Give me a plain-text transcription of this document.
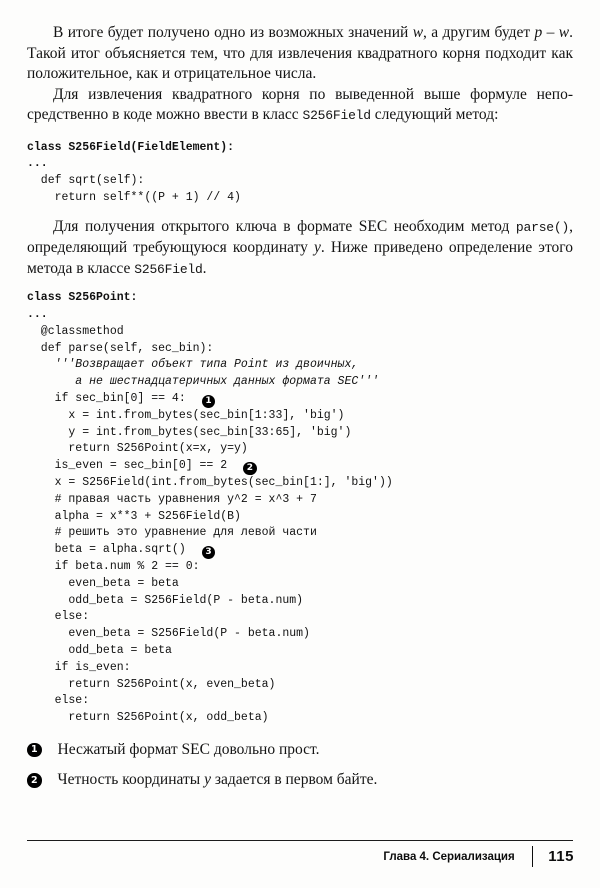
В итоге будет получено одно из возможных значений w, а другим будет p – w. Такой итог объясняется тем, что для извлечения квадратного корня подходит как положительное, как и отрицательное числа.

Для извлечения квадратного корня по выведенной выше формуле непосредственно в коде можно ввести в класс S256Field следующий метод:

class S256Field(FieldElement):
...
def sqrt(self):
return self**((P + 1) // 4)

Для получения открытого ключа в формате SEC необходим метод parse(), определяющий требующуюся координату y. Ниже приведено определение этого метода в классе S256Field.

class S256Point:
...
@classmethod
def parse(self, sec_bin):
'''Возвращает объект типа Point из двоичных,
а не шестнадцатеричных данных формата SEC'''
if sec_bin[0] == 4: 1
x = int.from_bytes(sec_bin[1:33], 'big')
y = int.from_bytes(sec_bin[33:65], 'big')
return S256Point(x=x, y=y)
is_even = sec_bin[0] == 2 2
x = S256Field(int.from_bytes(sec_bin[1:], 'big'))
# правая часть уравнения y^2 = x^3 + 7
alpha = x**3 + S256Field(B)
# решить это уравнение для левой части
beta = alpha.sqrt() 3
if beta.num % 2 == 0:
even_beta = beta
odd_beta = S256Field(P - beta.num)
else:
even_beta = S256Field(P - beta.num)
odd_beta = beta
if is_even:
return S256Point(x, even_beta)
else:
return S256Point(x, odd_beta)
1	Несжатый формат SEC довольно прост.
2	Четность координаты y задается в первом байте.
Глава 4. Сериализация 115
